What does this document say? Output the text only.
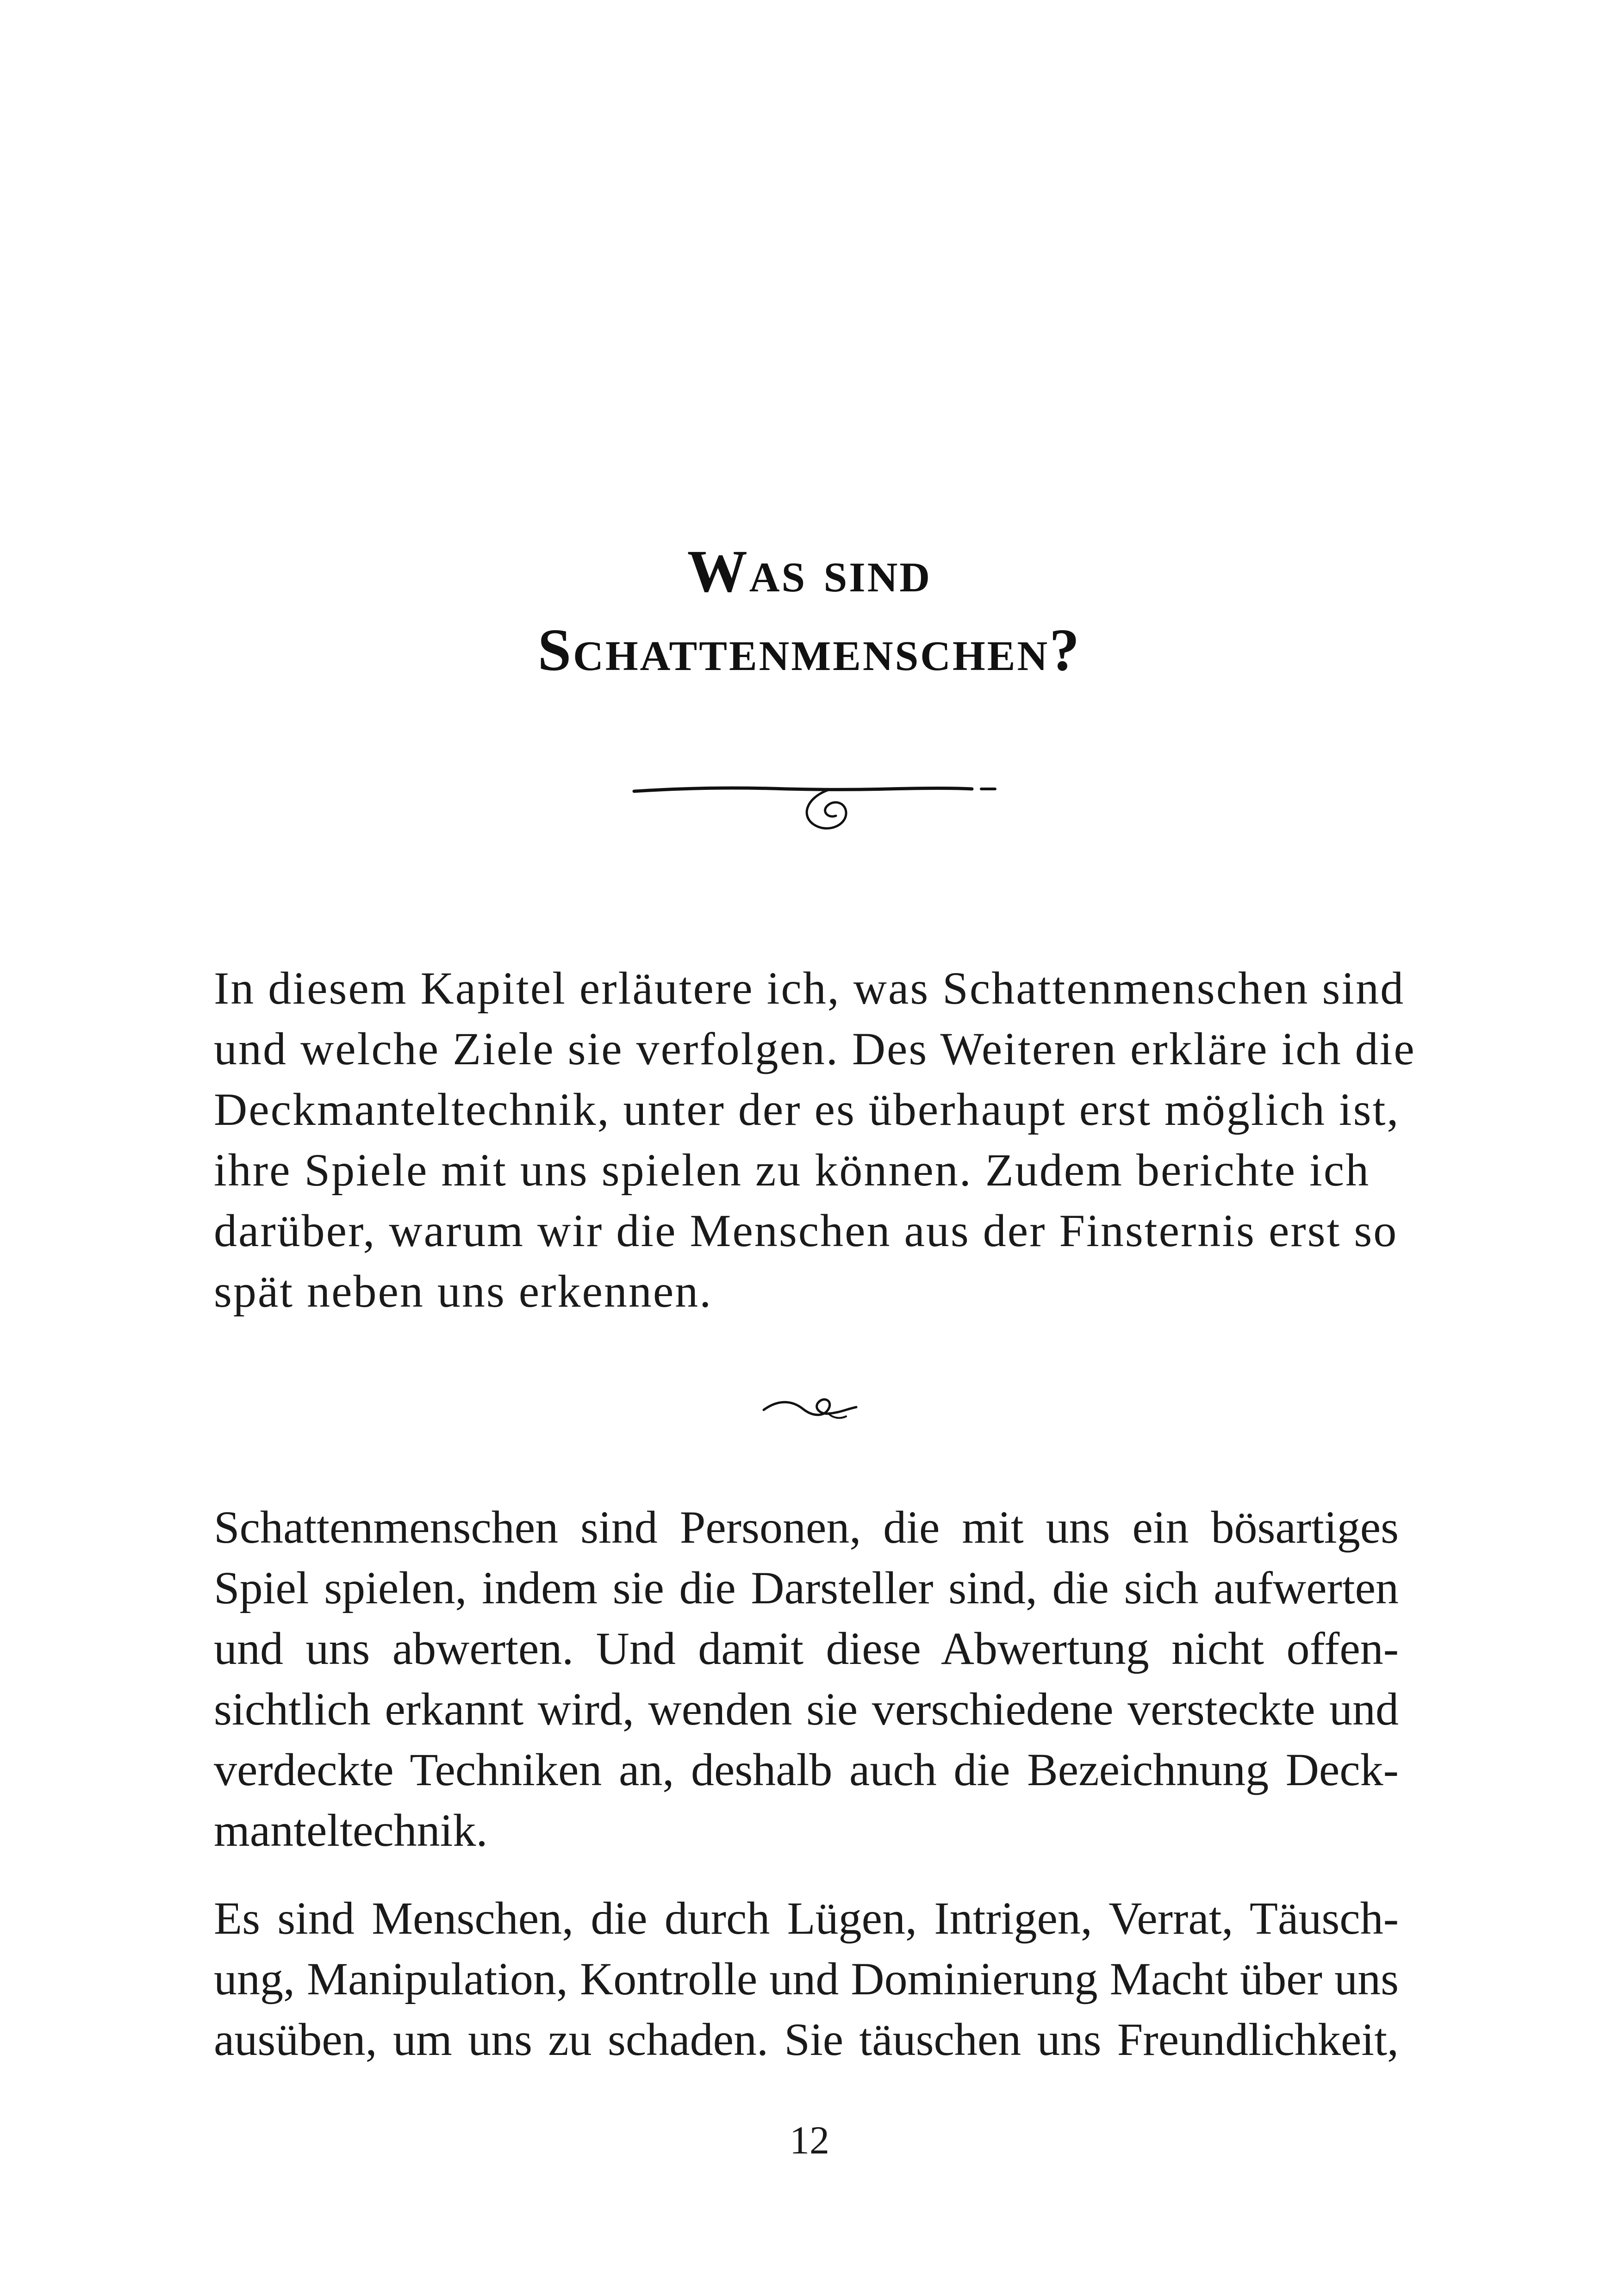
Was sind
Schattenmenschen?

In diesem Kapitel erläutere ich, was Schattenmenschen sind
und welche Ziele sie verfolgen. Des Weiteren erkläre ich die
Deckmanteltechnik, unter der es überhaupt erst möglich ist,
ihre Spiele mit uns spielen zu können. Zudem berichte ich
darüber, warum wir die Menschen aus der Finsternis erst so
spät neben uns erkennen.

Schattenmenschen sind Personen, die mit uns ein bösartiges
Spiel spielen, indem sie die Darsteller sind, die sich aufwerten
und uns abwerten. Und damit diese Abwertung nicht offen-
sichtlich erkannt wird, wenden sie verschiedene versteckte und
verdeckte Techniken an, deshalb auch die Bezeichnung Deck-
manteltechnik.

Es sind Menschen, die durch Lügen, Intrigen, Verrat, Täusch-
ung, Manipulation, Kontrolle und Dominierung Macht über uns
ausüben, um uns zu schaden. Sie täuschen uns Freundlichkeit,

12
